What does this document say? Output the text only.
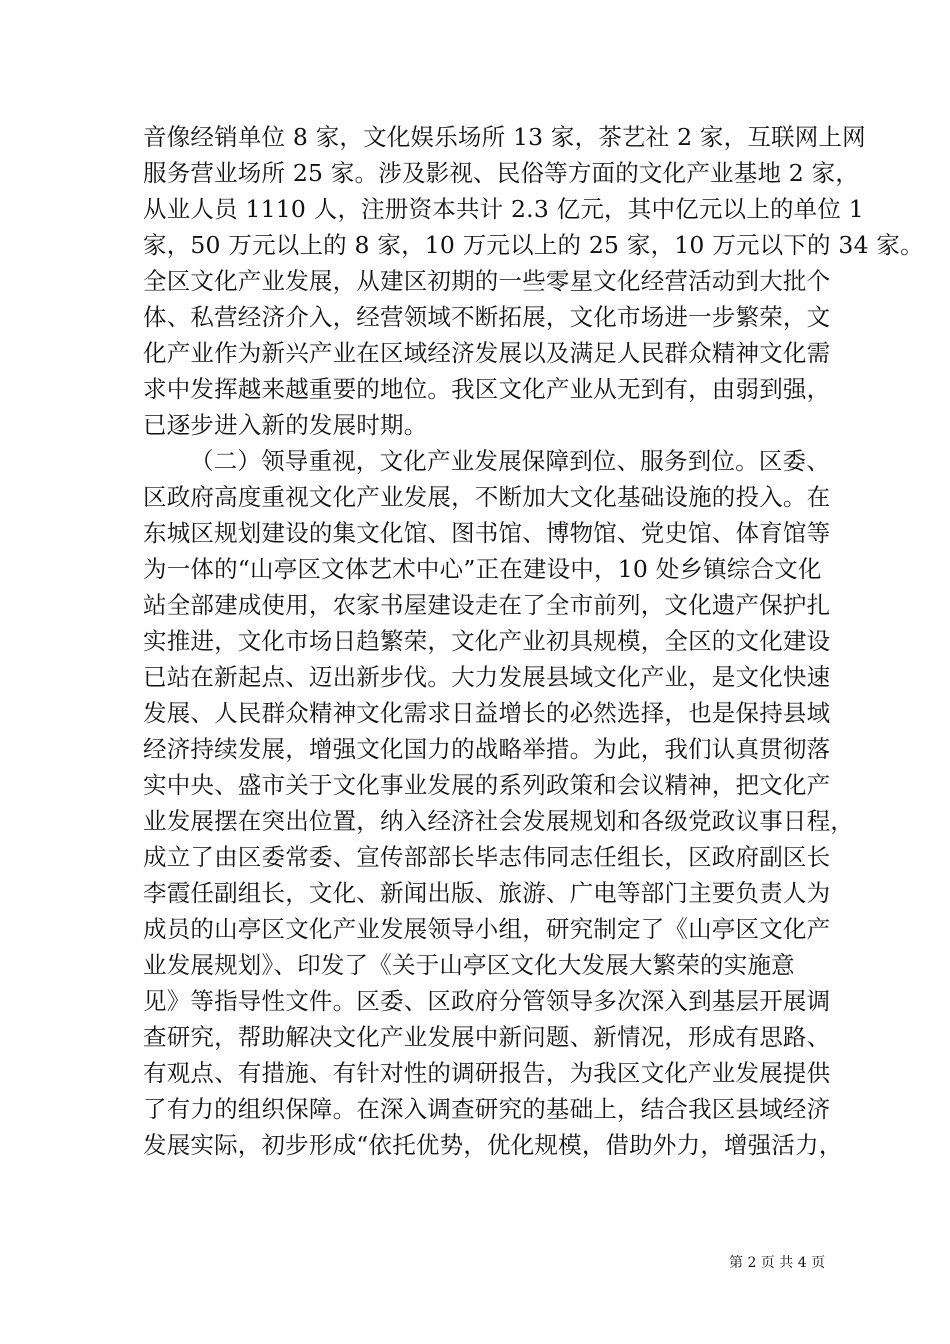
音像经销单位 8 家，文化娱乐场所 13 家，茶艺社 2 家，互联网上网
服务营业场所 25 家。涉及影视、民俗等方面的文化产业基地 2 家，
从业人员 1110 人，注册资本共计 2.3 亿元，其中亿元以上的单位 1
家，50 万元以上的 8 家，10 万元以上的 25 家，10 万元以下的 34 家。
全区文化产业发展，从建区初期的一些零星文化经营活动到大批个
体、私营经济介入，经营领域不断拓展，文化市场进一步繁荣，文
化产业作为新兴产业在区域经济发展以及满足人民群众精神文化需
求中发挥越来越重要的地位。我区文化产业从无到有，由弱到强，
已逐步进入新的发展时期。
（二）领导重视，文化产业发展保障到位、服务到位。区委、
区政府高度重视文化产业发展，不断加大文化基础设施的投入。在
东城区规划建设的集文化馆、图书馆、博物馆、党史馆、体育馆等
为一体的“山亭区文体艺术中心”正在建设中，10 处乡镇综合文化
站全部建成使用，农家书屋建设走在了全市前列，文化遗产保护扎
实推进，文化市场日趋繁荣，文化产业初具规模，全区的文化建设
已站在新起点、迈出新步伐。大力发展县域文化产业，是文化快速
发展、人民群众精神文化需求日益增长的必然选择，也是保持县域
经济持续发展，增强文化国力的战略举措。为此，我们认真贯彻落
实中央、盛市关于文化事业发展的系列政策和会议精神，把文化产
业发展摆在突出位置，纳入经济社会发展规划和各级党政议事日程，
成立了由区委常委、宣传部部长毕志伟同志任组长，区政府副区长
李霞任副组长，文化、新闻出版、旅游、广电等部门主要负责人为
成员的山亭区文化产业发展领导小组，研究制定了《山亭区文化产
业发展规划》、印发了《关于山亭区文化大发展大繁荣的实施意
见》等指导性文件。区委、区政府分管领导多次深入到基层开展调
查研究，帮助解决文化产业发展中新问题、新情况，形成有思路、
有观点、有措施、有针对性的调研报告，为我区文化产业发展提供
了有力的组织保障。在深入调查研究的基础上，结合我区县域经济
发展实际，初步形成“依托优势，优化规模，借助外力，增强活力，
第 2 页 共 4 页
